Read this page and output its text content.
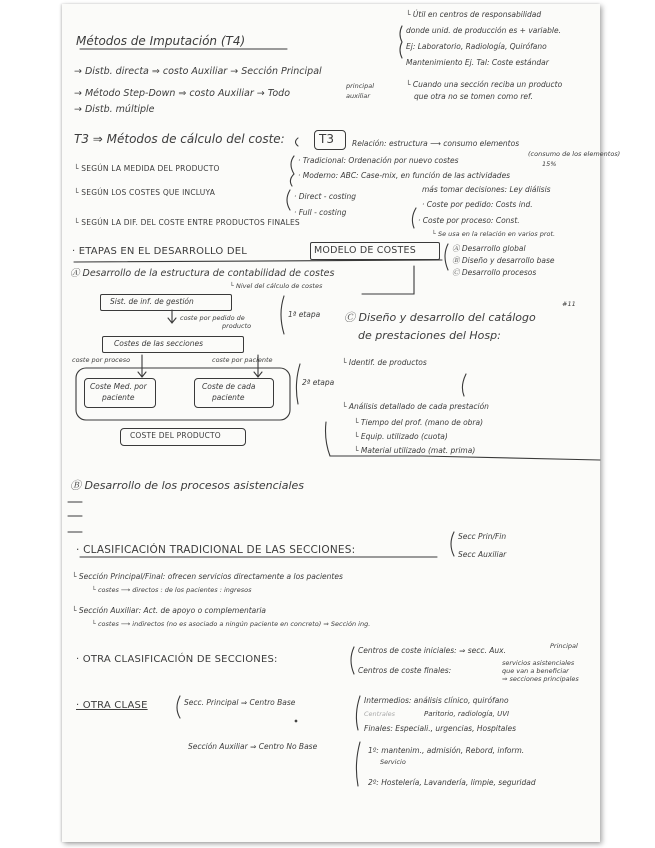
└ Útil en centros de responsabilidad
donde unid. de producción es + variable.
Ej: Laboratorio, Radiología, Quirófano
Mantenimiento Ej. Tal: Coste estándar
└ Cuando una sección reciba un producto
que otra no se tomen como ref.
Métodos de Imputación (T4)
→ Distb. directa ⇒ costo Auxiliar → Sección Principal
→ Método Step-Down ⇒ costo Auxiliar → Todo
principal
auxiliar
→ Distb. múltiple
T3 ⇒ Métodos de cálculo del coste:	T3 Relación: estructura ⟶ consumo elementos
(consumo de los elementos)
└ SEGÚN LA MEDIDA DEL PRODUCTO
· Tradicional: Ordenación por nuevo costes	15%
· Moderno: ABC: Case-mix, en función de las actividades
más tomar decisiones: Ley diálisis
└ SEGÚN LOS COSTES QUE INCLUYA	· Direct - costing
· Full - costing
· Coste por pedido: Costs ind.
└ SEGÚN LA DIF. DEL COSTE ENTRE PRODUCTOS FINALES	· Coste por proceso: Const.
└ Se usa en la relación en varios prot.
· ETAPAS EN EL DESARROLLO DEL	MODELO DE COSTES	Ⓐ Desarrollo global
Ⓑ Diseño y desarrollo base
Ⓒ Desarrollo procesos
Ⓐ Desarrollo de la estructura de contabilidad de costes
└ Nivel del cálculo de costes
Sist. de inf. de gestión
coste por pedido de
producto
Costes de las secciones
coste por proceso	coste por paciente
Coste Med. por
paciente
Coste de cada
paciente
COSTE DEL PRODUCTO
1ª etapa
2ª etapa
#11
Ⓒ Diseño y desarrollo del catálogo
de prestaciones del Hosp:
└ Identif. de productos
└ Análisis detallado de cada prestación
└ Tiempo del prof. (mano de obra)
└ Equip. utilizado (cuota)
└ Material utilizado (mat. prima)
Ⓑ Desarrollo de los procesos asistenciales
· CLASIFICACIÓN TRADICIONAL DE LAS SECCIONES:
Secc Prin/Fin
Secc Auxiliar
└ Sección Principal/Final: ofrecen servicios directamente a los pacientes
└ costes ⟶ directos : de los pacientes : ingresos
└ Sección Auxiliar: Act. de apoyo o complementaria
└ costes ⟶ indirectos (no es asociado a ningún paciente en concreto) ⇒ Sección ing.
· OTRA CLASIFICACIÓN DE SECCIONES:
Centros de coste iniciales: ⇒ secc. Aux.	Principal
Centros de coste finales:
servicios asistenciales
que van a beneficiar
⇒ secciones principales
· OTRA CLASE	Secc. Principal ⇒ Centro Base	Intermedios: análisis clínico, quirófano
Centrales	Paritorio, radiología, UVI
Finales: Especiali., urgencias, Hospitales
Sección Auxiliar ⇒ Centro No Base	1º: mantenim., admisión, Rebord, inform.
Servicio
2º: Hostelería, Lavandería, limpie, seguridad
